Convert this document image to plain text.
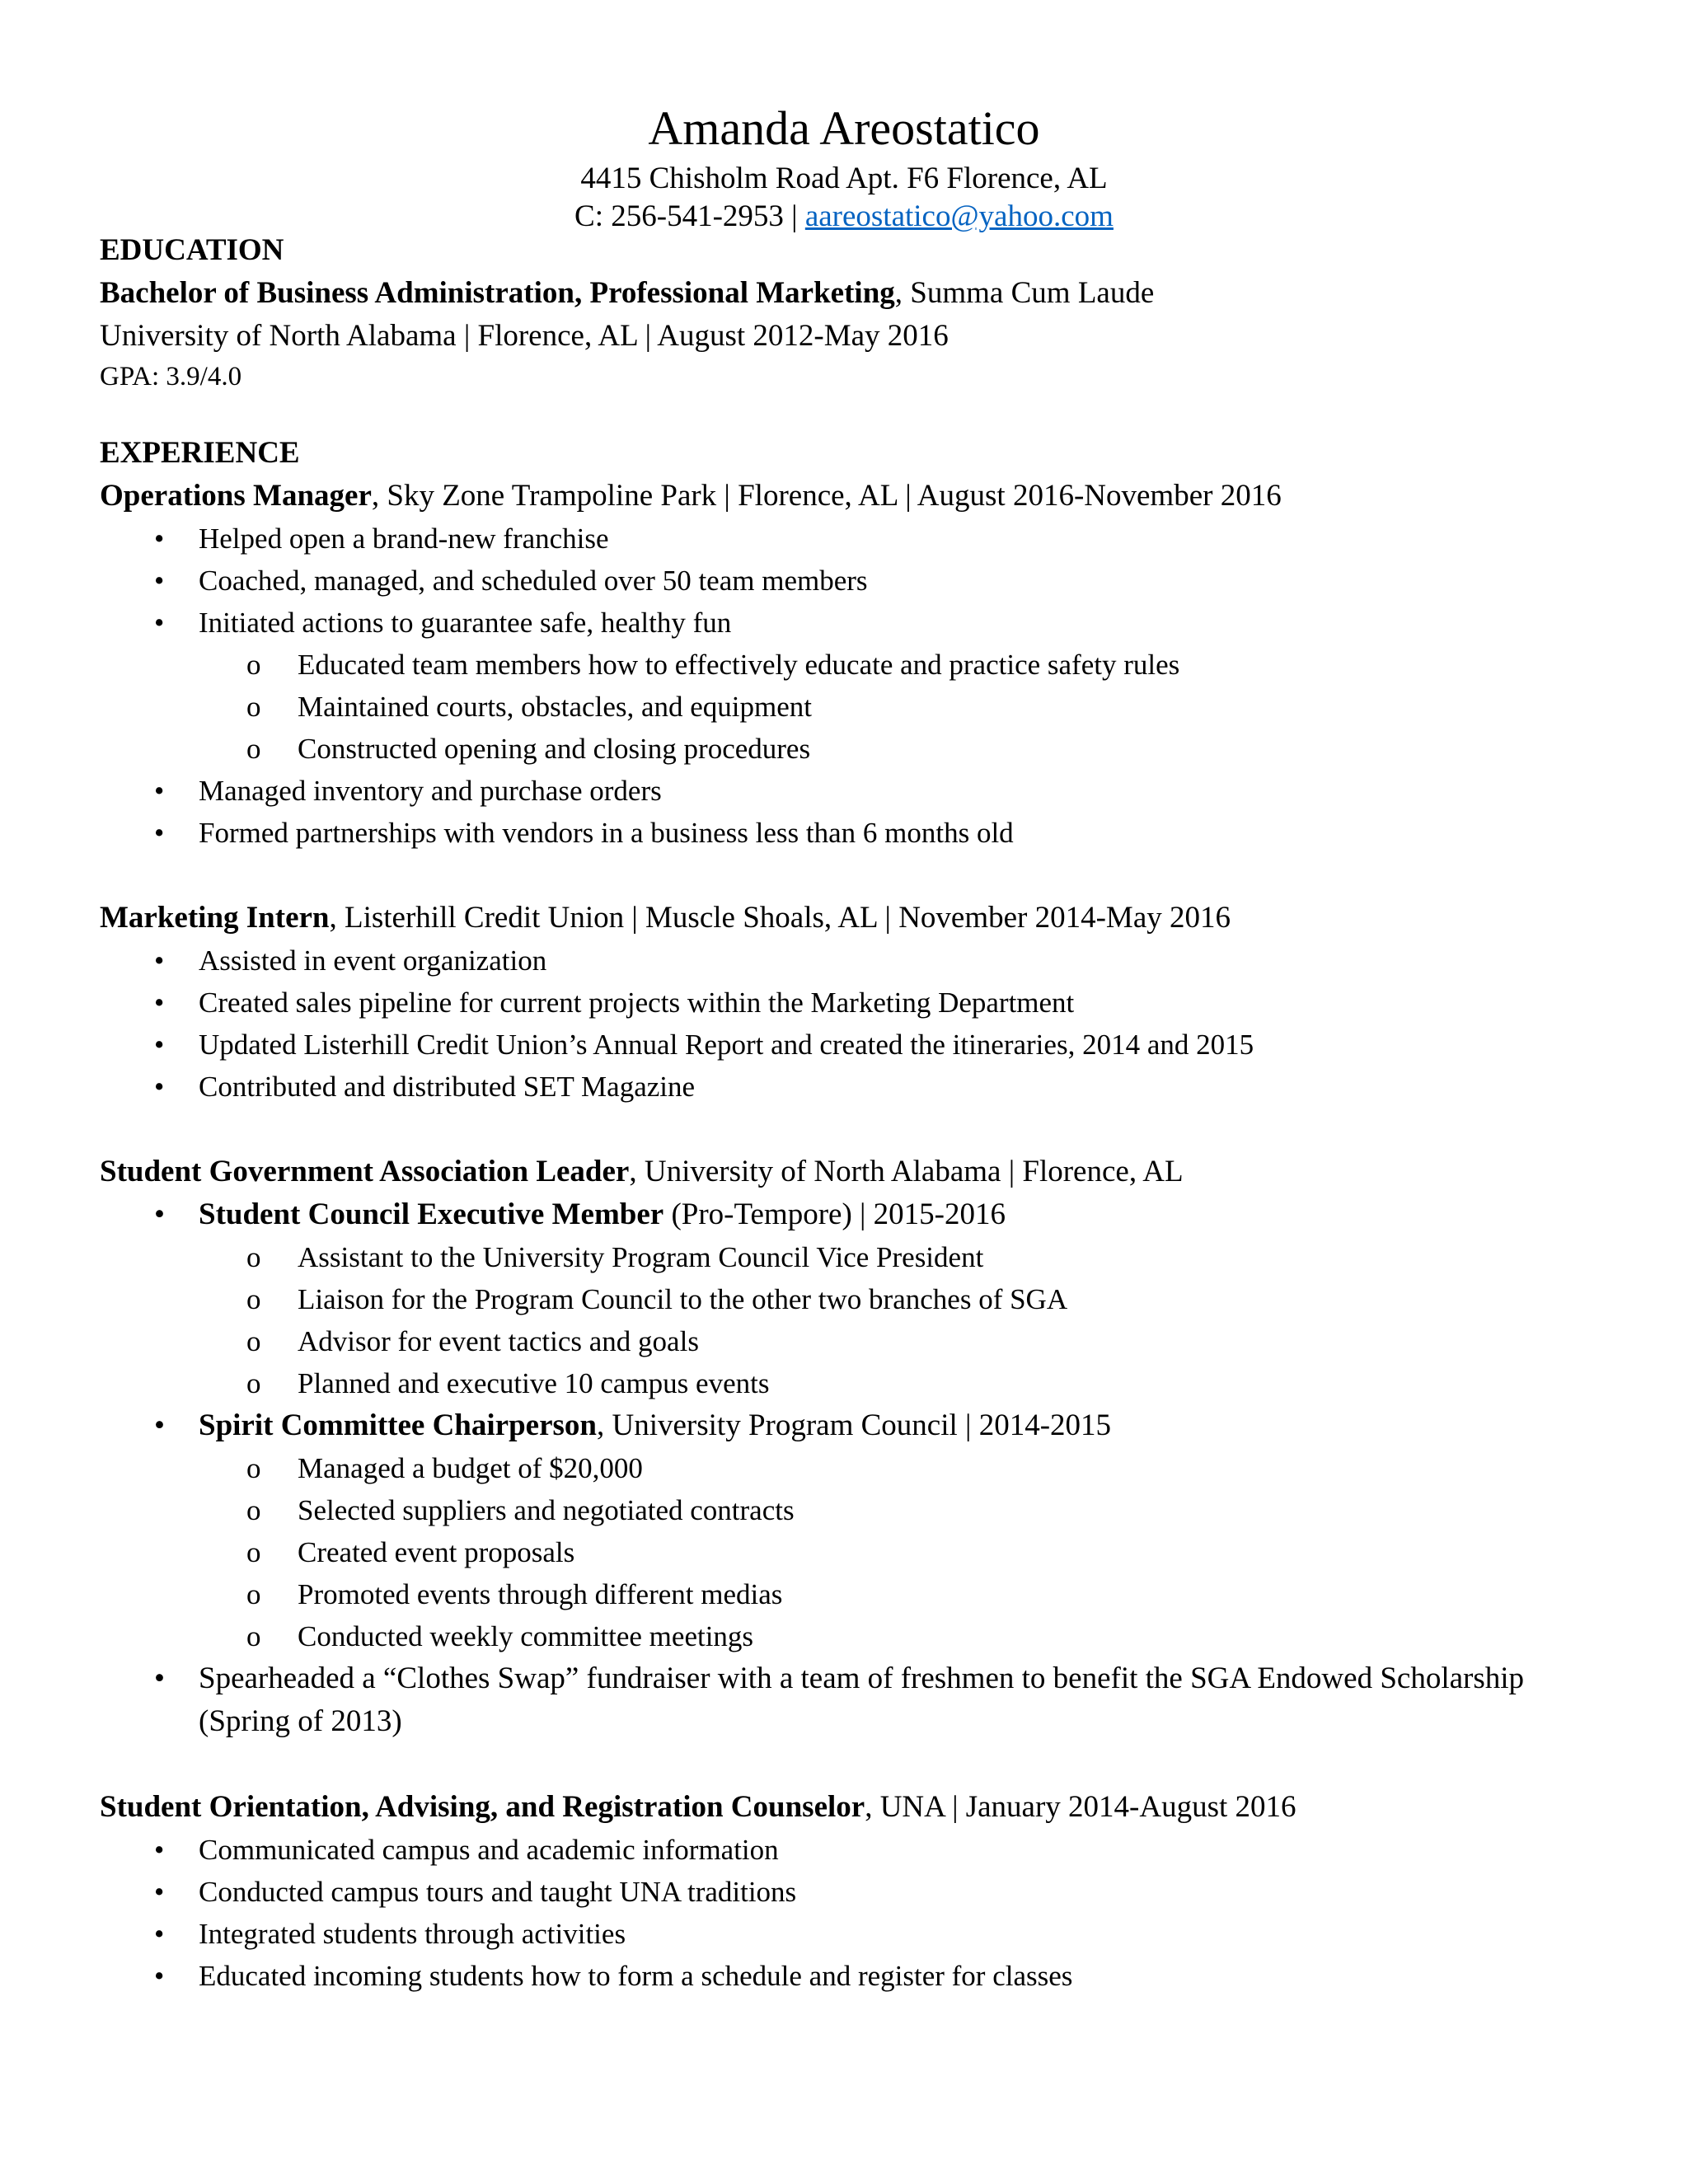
Amanda Areostatico
4415 Chisholm Road Apt. F6 Florence, AL
C: 256-541-2953 | aareostatico@yahoo.com
EDUCATION
Bachelor of Business Administration, Professional Marketing, Summa Cum Laude
University of North Alabama | Florence, AL | August 2012-May 2016
GPA: 3.9/4.0
EXPERIENCE
Operations Manager, Sky Zone Trampoline Park | Florence, AL | August 2016-November 2016
• Helped open a brand-new franchise
• Coached, managed, and scheduled over 50 team members
• Initiated actions to guarantee safe, healthy fun
o Educated team members how to effectively educate and practice safety rules
o Maintained courts, obstacles, and equipment
o Constructed opening and closing procedures
• Managed inventory and purchase orders
• Formed partnerships with vendors in a business less than 6 months old
Marketing Intern, Listerhill Credit Union | Muscle Shoals, AL | November 2014-May 2016
• Assisted in event organization
• Created sales pipeline for current projects within the Marketing Department
• Updated Listerhill Credit Union’s Annual Report and created the itineraries, 2014 and 2015
• Contributed and distributed SET Magazine
Student Government Association Leader, University of North Alabama | Florence, AL
• Student Council Executive Member (Pro-Tempore) | 2015-2016
o Assistant to the University Program Council Vice President
o Liaison for the Program Council to the other two branches of SGA
o Advisor for event tactics and goals
o Planned and executive 10 campus events
• Spirit Committee Chairperson, University Program Council | 2014-2015
o Managed a budget of $20,000
o Selected suppliers and negotiated contracts
o Created event proposals
o Promoted events through different medias
o Conducted weekly committee meetings
• Spearheaded a “Clothes Swap” fundraiser with a team of freshmen to benefit the SGA Endowed Scholarship (Spring of 2013)
Student Orientation, Advising, and Registration Counselor, UNA | January 2014-August 2016
• Communicated campus and academic information
• Conducted campus tours and taught UNA traditions
• Integrated students through activities
• Educated incoming students how to form a schedule and register for classes
